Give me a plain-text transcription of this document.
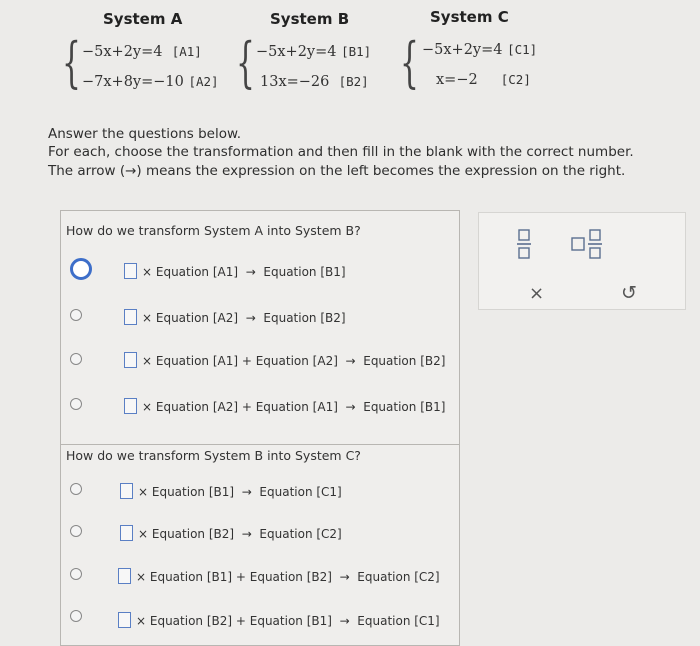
System A
{ −5x+2y=4 [A1]
−7x+8y=−10 [A2]
System B
{ −5x+2y=4 [B1]
13x=−26 [B2]
System C
{ −5x+2y=4 [C1]
x=−2 [C2]
Answer the questions below.
For each, choose the transformation and then fill in the blank with the correct number.
The arrow (→) means the expression on the left becomes the expression on the right.
How do we transform System A into System B?
× Equation [A1] → Equation [B1]
× Equation [A2] → Equation [B2]
× Equation [A1] + Equation [A2] → Equation [B2]
× Equation [A2] + Equation [A1] → Equation [B1]
How do we transform System B into System C?
× Equation [B1] → Equation [C1]
× Equation [B2] → Equation [C2]
× Equation [B1] + Equation [B2] → Equation [C2]
× Equation [B2] + Equation [B1] → Equation [C1]
×	↺
